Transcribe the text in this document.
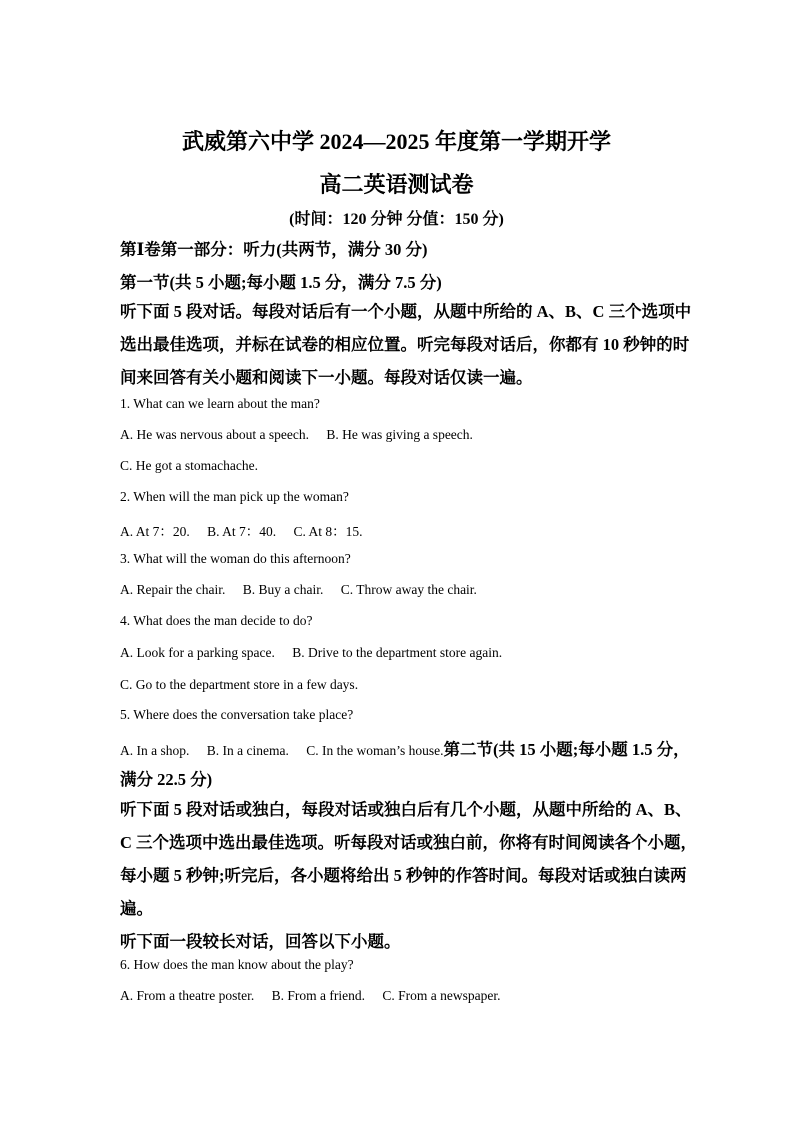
武威第六中学 2024—2025 年度第一学期开学
高二英语测试卷
(时间：120 分钟 分值：150 分)
第Ⅰ卷第一部分：听力(共两节，满分 30 分)
第一节(共 5 小题;每小题 1.5 分，满分 7.5 分)
听下面 5 段对话。每段对话后有一个小题，从题中所给的 A、B、C 三个选项中
选出最佳选项，并标在试卷的相应位置。听完每段对话后，你都有 10 秒钟的时
间来回答有关小题和阅读下一小题。每段对话仅读一遍。
1. What can we learn about the man?
A. He was nervous about a speech. B. He was giving a speech.
C. He got a stomachache.
2. When will the man pick up the woman?
A. At 7：20. B. At 7：40. C. At 8：15.
3. What will the woman do this afternoon?
A. Repair the chair. B. Buy a chair. C. Throw away the chair.
4. What does the man decide to do?
A. Look for a parking space. B. Drive to the department store again.
C. Go to the department store in a few days.
5. Where does the conversation take place?
A. In a shop. B. In a cinema. C. In the woman’s house.第二节(共 15 小题;每小题 1.5 分，
满分 22.5 分)
听下面 5 段对话或独白，每段对话或独白后有几个小题，从题中所给的 A、B、
C 三个选项中选出最佳选项。听每段对话或独白前，你将有时间阅读各个小题，
每小题 5 秒钟;听完后，各小题将给出 5 秒钟的作答时间。每段对话或独白读两
遍。
听下面一段较长对话，回答以下小题。
6. How does the man know about the play?
A. From a theatre poster. B. From a friend. C. From a newspaper.
